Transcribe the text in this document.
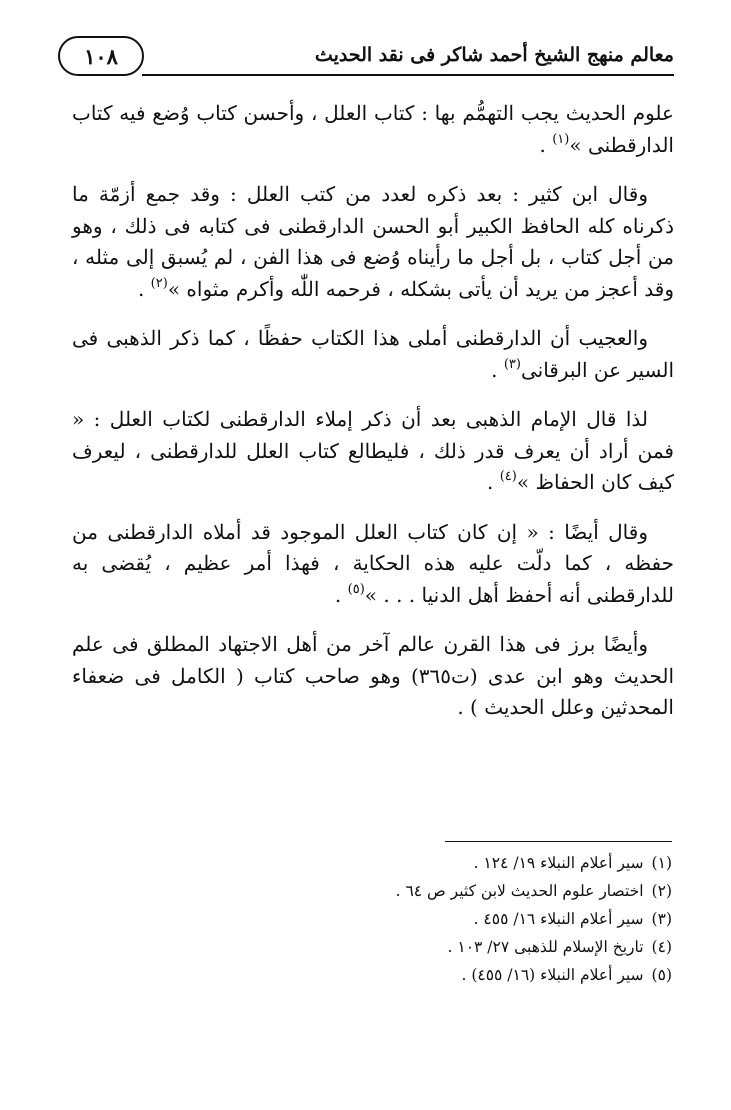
١٠٨	معالم منهج الشيخ أحمد شاكر فى نقد الحديث

علوم الحديث يجب التهمُّم بها : كتاب العلل ، وأحسن كتاب وُضع فيه كتاب الدارقطنى »$^{(١)}$ .

وقال ابن كثير : بعد ذكره لعدد من كتب العلل : وقد جمع أزمّة ما ذكرناه كله الحافظ الكبير أبو الحسن الدارقطنى فى كتابه فى ذلك ، وهو من أجل كتاب ، بل أجل ما رأيناه وُضع فى هذا الفن ، لم يُسبق إلى مثله ، وقد أعجز من يريد أن يأتى بشكله ، فرحمه اللّٰه وأكرم مثواه »$^{(٢)}$ .

والعجيب أن الدارقطنى أملى هذا الكتاب حفظًا ، كما ذكر الذهبى فى السير عن البرقانى$^{(٣)}$ .

لذا قال الإمام الذهبى بعد أن ذكر إملاء الدارقطنى لكتاب العلل : « فمن أراد أن يعرف قدر ذلك ، فليطالع كتاب العلل للدارقطنى ، ليعرف كيف كان الحفاظ »$^{(٤)}$ .

وقال أيضًا : « إن كان كتاب العلل الموجود قد أملاه الدارقطنى من حفظه ، كما دلّت عليه هذه الحكاية ، فهذا أمر عظيم ، يُقضى به للدارقطنى أنه أحفظ أهل الدنيا . . . »$^{(٥)}$ .

وأيضًا برز فى هذا القرن عالم آخر من أهل الاجتهاد المطلق فى علم الحديث وهو ابن عدى (ت٣٦٥) وهو صاحب كتاب ( الكامل فى ضعفاء المحدثين وعلل الحديث ) .

(١)سير أعلام النبلاء ١٩/ ١٢٤ .
(٢)اختصار علوم الحديث لابن كثير ص ٦٤ .
(٣)سير أعلام النبلاء ١٦/ ٤٥٥ .
(٤)تاريخ الإسلام للذهبى ٢٧/ ١٠٣ .
(٥)سير أعلام النبلاء (١٦/ ٤٥٥) .
